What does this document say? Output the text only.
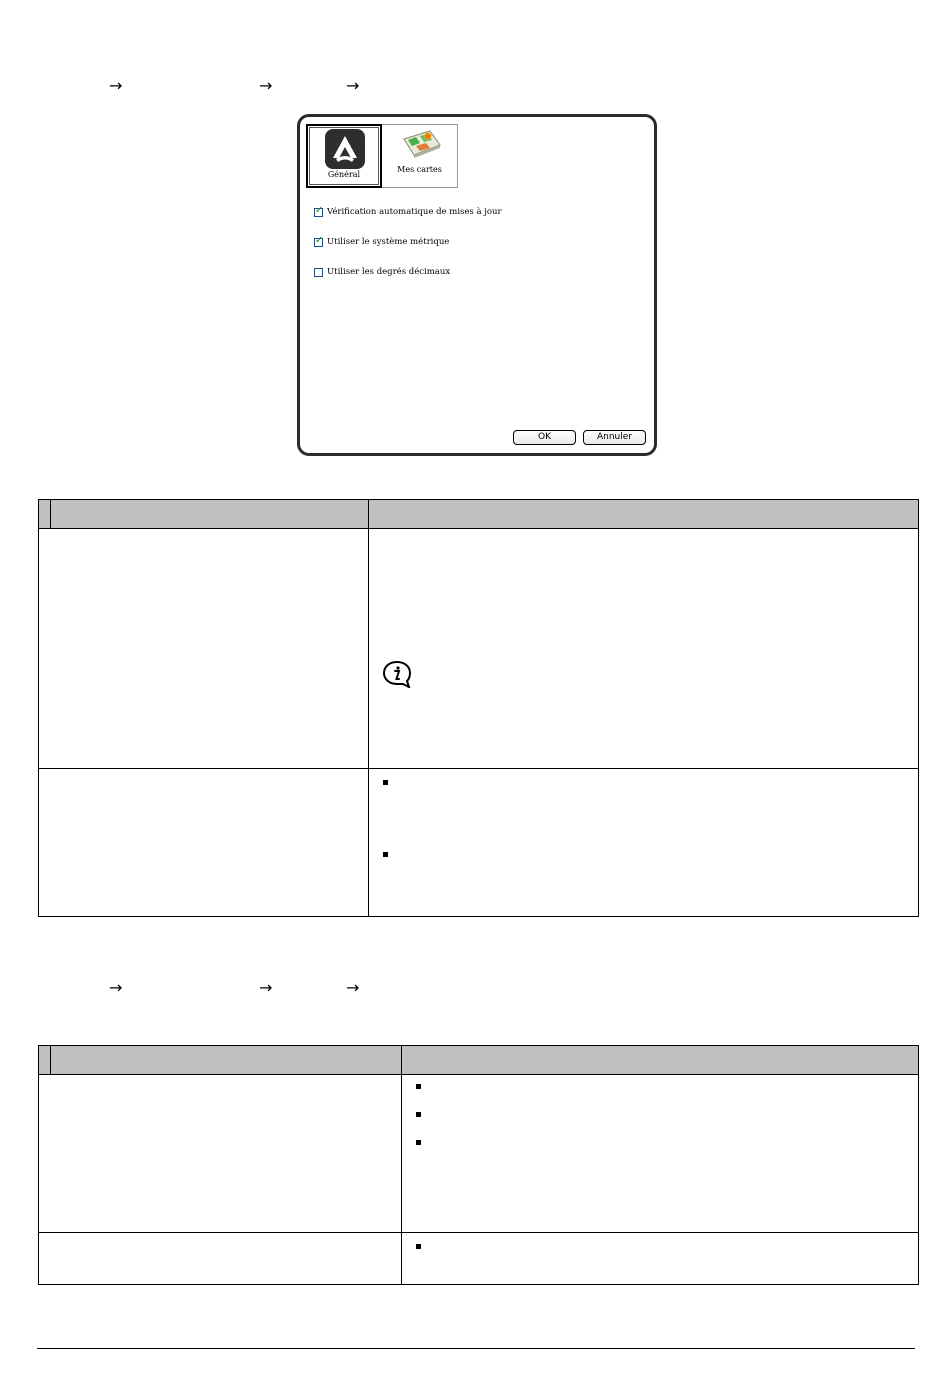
→	→	→
Général
Mes cartes
✓ Vérification automatique de mises à jour
✓ Utiliser le système métrique
Utiliser les degrés décimaux
OK	Annuler
→	→	→
